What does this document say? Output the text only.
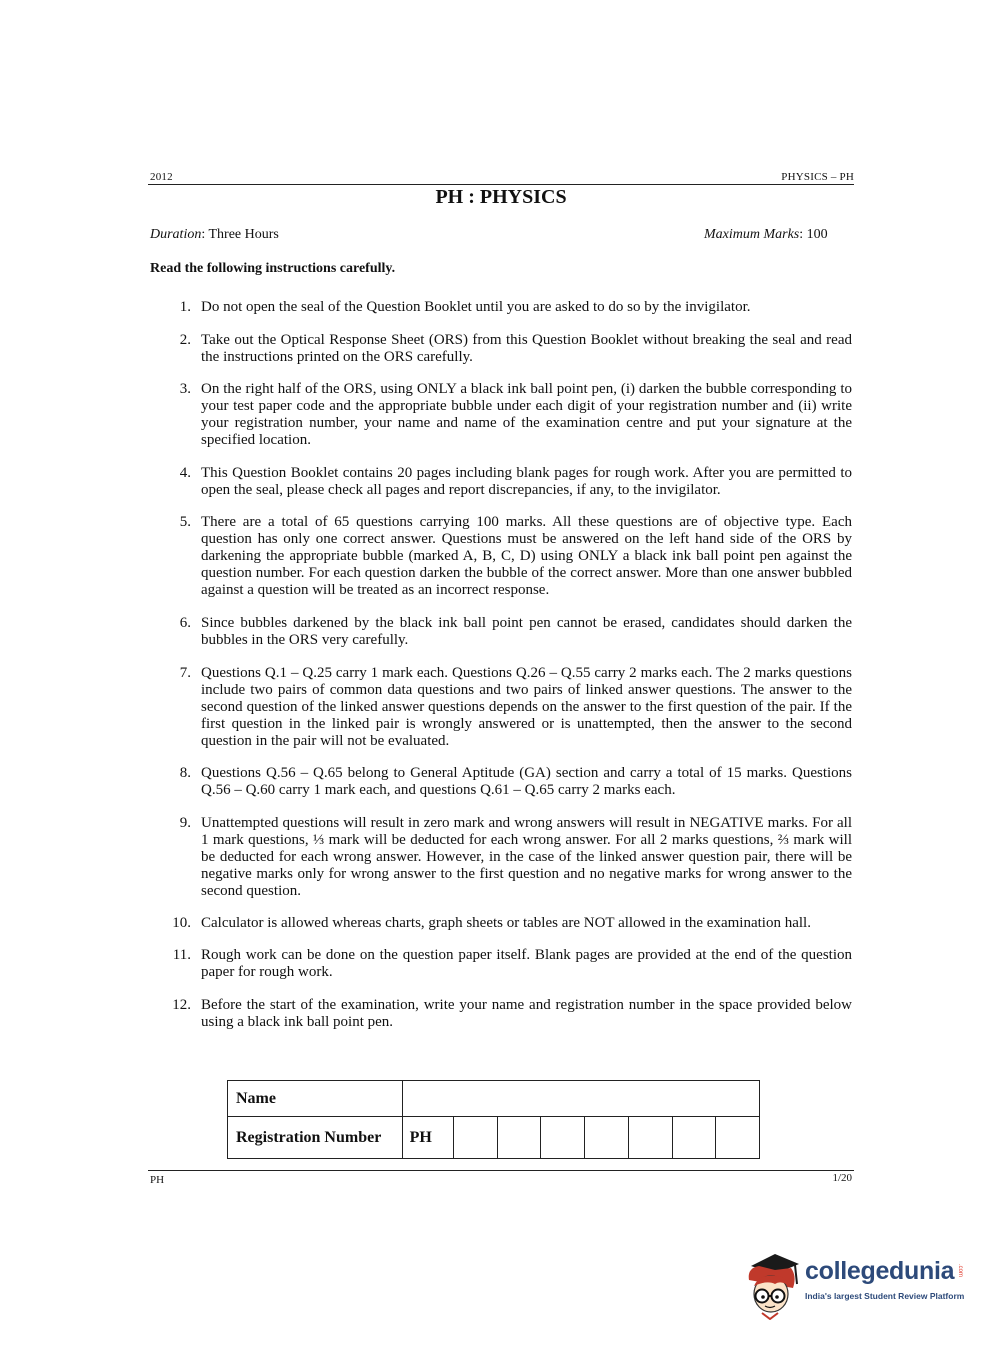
2012	PHYSICS – PH
PH : PHYSICS
Duration: Three Hours	Maximum Marks: 100
Read the following instructions carefully.
1. Do not open the seal of the Question Booklet until you are asked to do so by the invigilator.
2. Take out the Optical Response Sheet (ORS) from this Question Booklet without breaking the seal and read the instructions printed on the ORS carefully.
3. On the right half of the ORS, using ONLY a black ink ball point pen, (i) darken the bubble corresponding to your test paper code and the appropriate bubble under each digit of your registration number and (ii) write your registration number, your name and name of the examination centre and put your signature at the specified location.
4. This Question Booklet contains 20 pages including blank pages for rough work. After you are permitted to open the seal, please check all pages and report discrepancies, if any, to the invigilator.
5. There are a total of 65 questions carrying 100 marks. All these questions are of objective type. Each question has only one correct answer. Questions must be answered on the left hand side of the ORS by darkening the appropriate bubble (marked A, B, C, D) using ONLY a black ink ball point pen against the question number. For each question darken the bubble of the correct answer. More than one answer bubbled against a question will be treated as an incorrect response.
6. Since bubbles darkened by the black ink ball point pen cannot be erased, candidates should darken the bubbles in the ORS very carefully.
7. Questions Q.1 – Q.25 carry 1 mark each. Questions Q.26 – Q.55 carry 2 marks each. The 2 marks questions include two pairs of common data questions and two pairs of linked answer questions. The answer to the second question of the linked answer questions depends on the answer to the first question of the pair. If the first question in the linked pair is wrongly answered or is unattempted, then the answer to the second question in the pair will not be evaluated.
8. Questions Q.56 – Q.65 belong to General Aptitude (GA) section and carry a total of 15 marks. Questions Q.56 – Q.60 carry 1 mark each, and questions Q.61 – Q.65 carry 2 marks each.
9. Unattempted questions will result in zero mark and wrong answers will result in NEGATIVE marks. For all 1 mark questions, ⅓ mark will be deducted for each wrong answer. For all 2 marks questions, ⅔ mark will be deducted for each wrong answer. However, in the case of the linked answer question pair, there will be negative marks only for wrong answer to the first question and no negative marks for wrong answer to the second question.
10. Calculator is allowed whereas charts, graph sheets or tables are NOT allowed in the examination hall.
11. Rough work can be done on the question paper itself. Blank pages are provided at the end of the question paper for rough work.
12. Before the start of the examination, write your name and registration number in the space provided below using a black ink ball point pen.
Name								
Registration Number	PH							
PH	1/20
collegedunia .com
India's largest Student Review Platform
